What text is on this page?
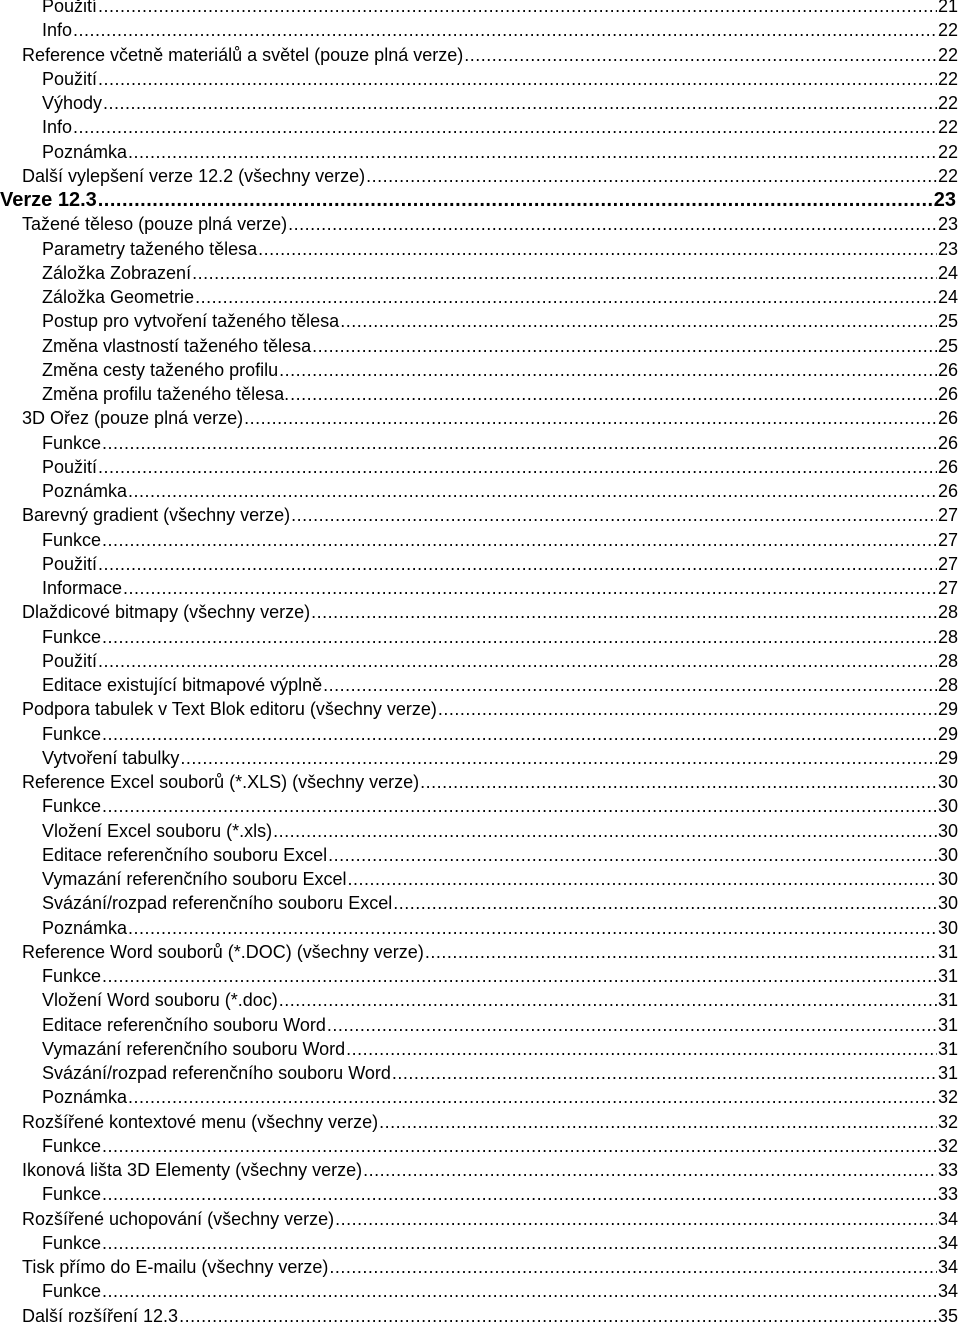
Použití .....	21
Info .....	22
Reference včetně materiálů a světel (pouze plná verze) .....	22
Použití .....	22
Výhody .....	22
Info .....	22
Poznámka .....	22
Další vylepšení verze 12.2 (všechny verze) .....	22
Verze 12.3 .....	23
Tažené těleso (pouze plná verze) .....	23
Parametry taženého tělesa .....	23
Záložka Zobrazení .....	24
Záložka Geometrie .....	24
Postup pro vytvoření taženého tělesa .....	25
Změna vlastností taženého tělesa .....	25
Změna cesty taženého profilu .....	26
Změna profilu taženého tělesa. .....	26
3D Ořez (pouze plná verze) .....	26
Funkce .....	26
Použití .....	26
Poznámka .....	26
Barevný gradient (všechny verze) .....	27
Funkce .....	27
Použití .....	27
Informace .....	27
Dlaždicové bitmapy (všechny verze) .....	28
Funkce .....	28
Použití .....	28
Editace existující bitmapové výplně .....	28
Podpora tabulek v Text Blok editoru (všechny verze) .....	29
Funkce .....	29
Vytvoření tabulky .....	29
Reference Excel souborů (*.XLS) (všechny verze) .....	30
Funkce .....	30
Vložení Excel souboru (*.xls) .....	30
Editace referenčního souboru Excel .....	30
Vymazání referenčního souboru Excel .....	30
Svázání/rozpad referenčního souboru Excel .....	30
Poznámka .....	30
Reference Word souborů (*.DOC) (všechny verze) .....	31
Funkce .....	31
Vložení Word souboru (*.doc) .....	31
Editace referenčního souboru Word .....	31
Vymazání referenčního souboru Word .....	31
Svázání/rozpad referenčního souboru Word .....	31
Poznámka .....	32
Rozšířené kontextové menu (všechny verze) .....	32
Funkce .....	32
Ikonová lišta 3D Elementy (všechny verze) .....	33
Funkce .....	33
Rozšířené uchopování (všechny verze) .....	34
Funkce .....	34
Tisk přímo do E-mailu (všechny verze) .....	34
Funkce .....	34
Další rozšíření 12.3 .....	35
